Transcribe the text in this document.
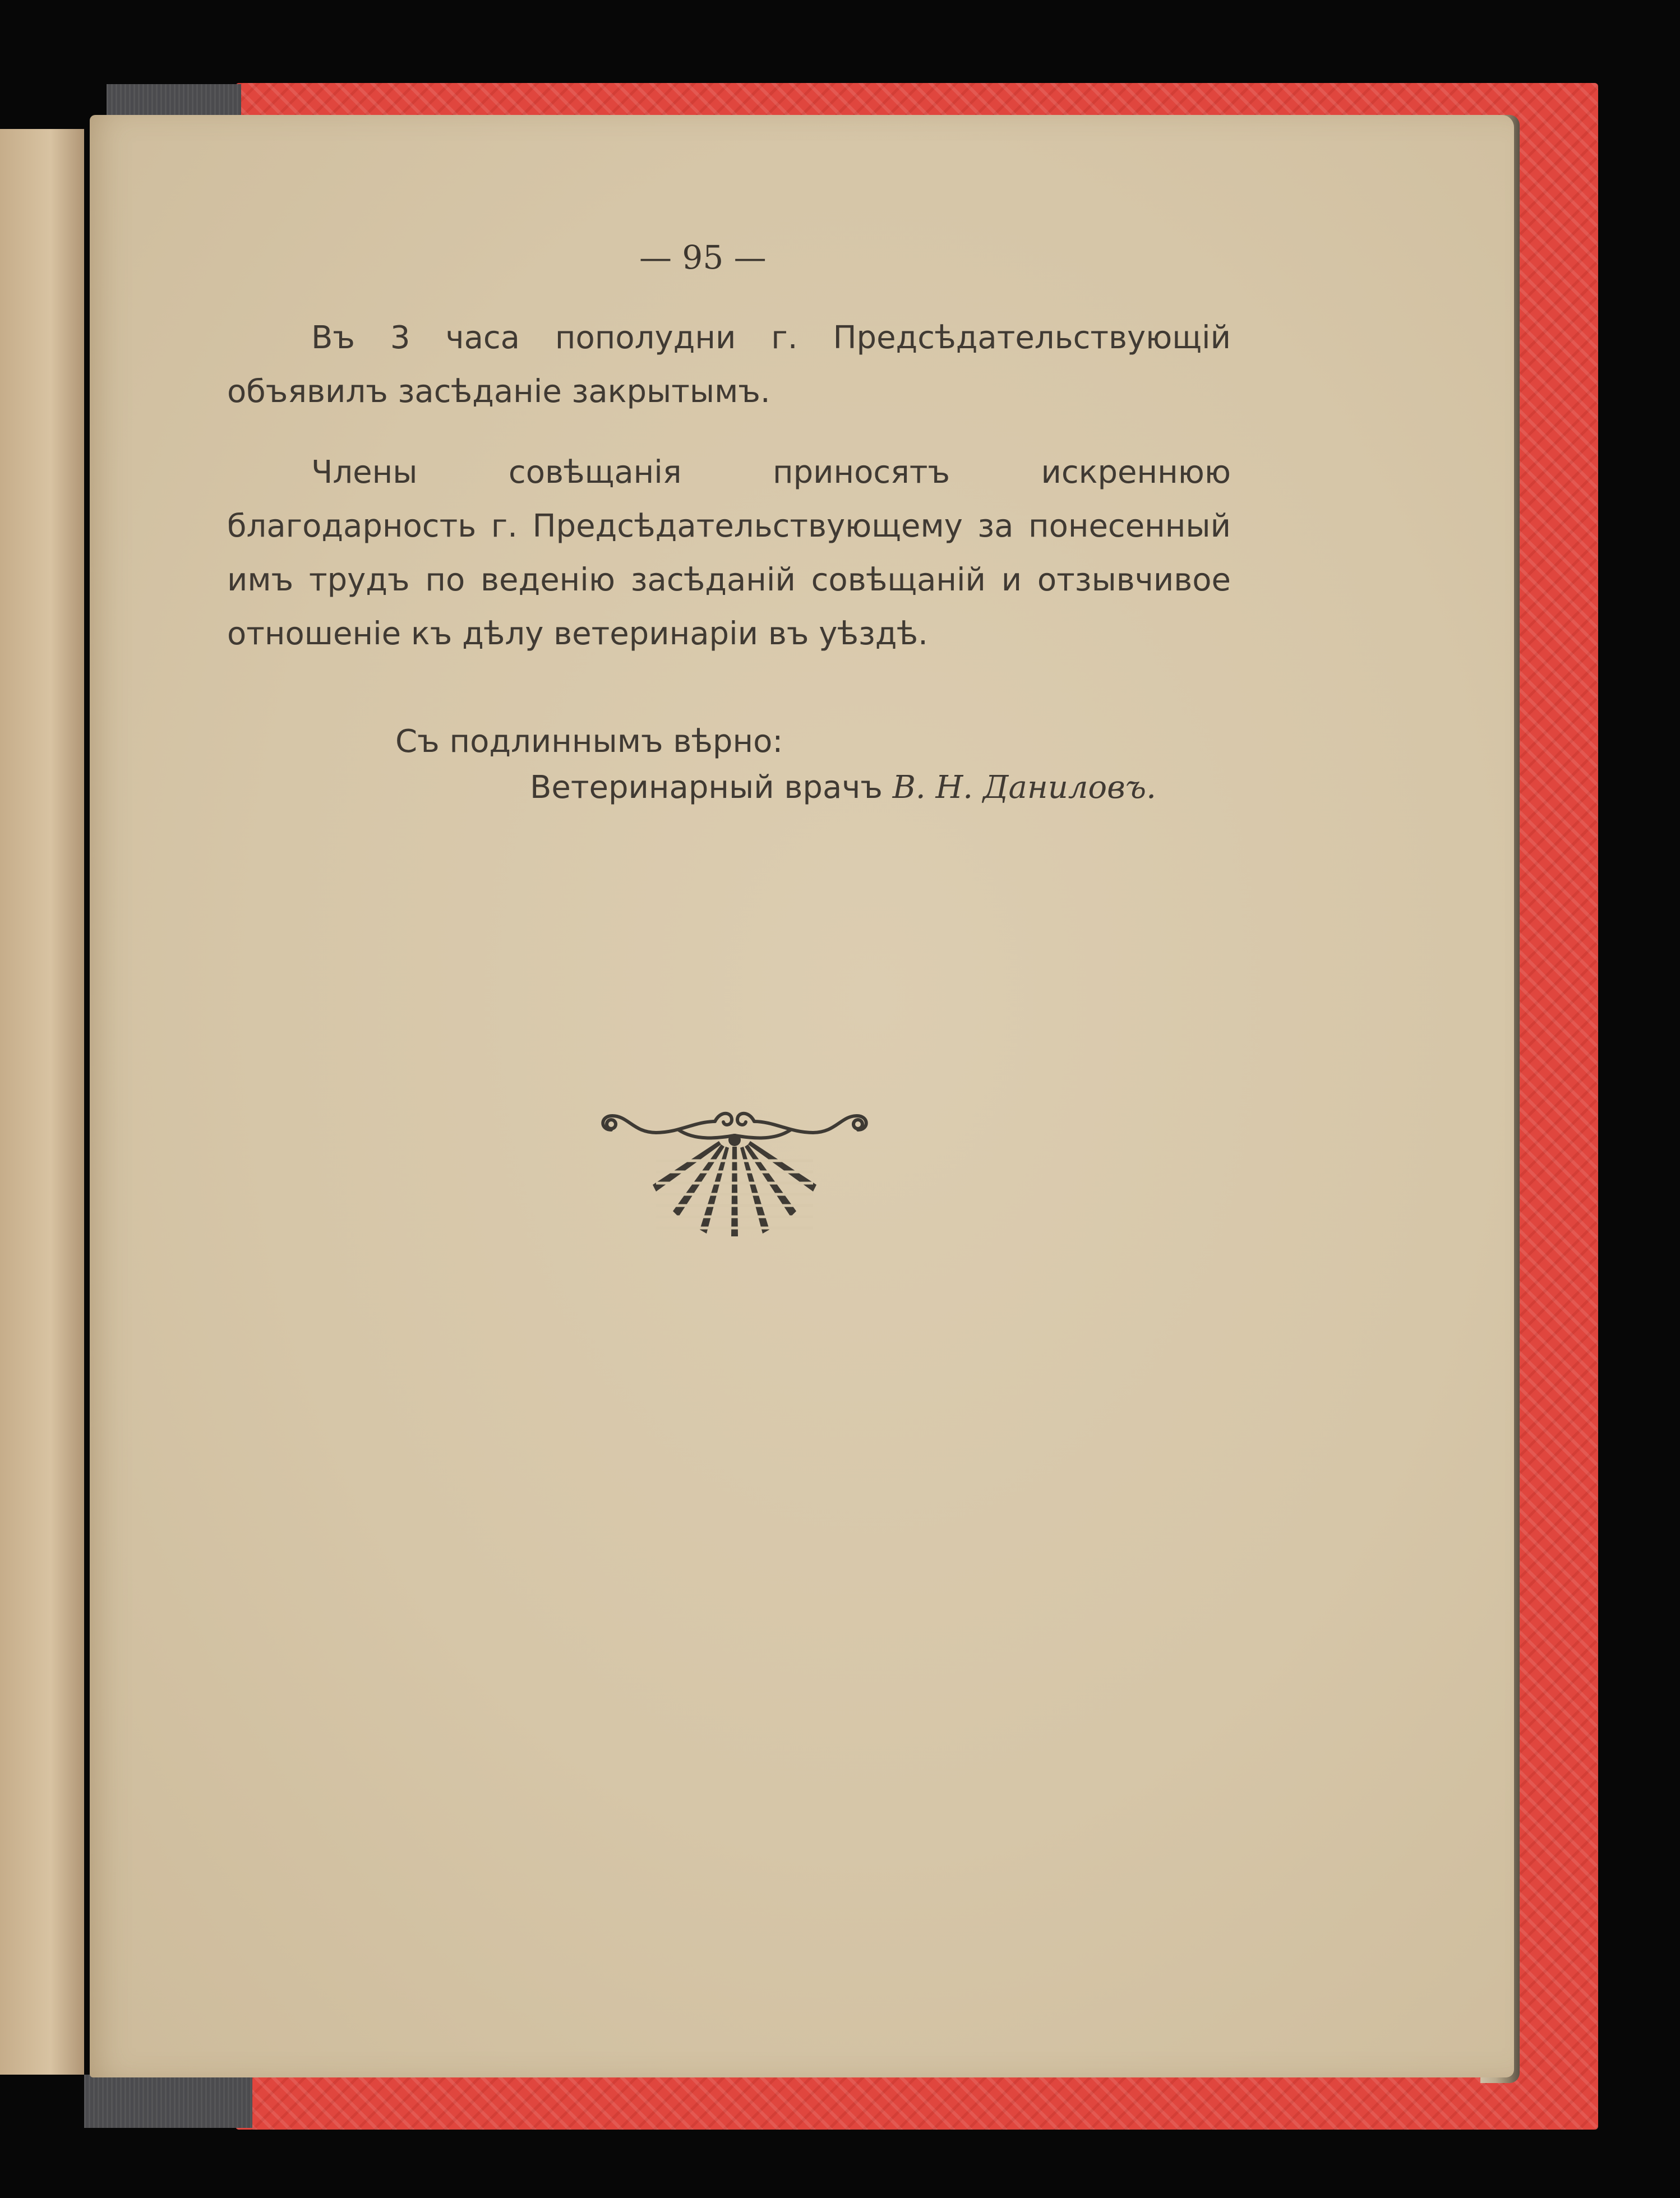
— 95 —
Въ 3 часа пополудни г. Предсѣдательствующій объявилъ засѣданіе закрытымъ.
Члены совѣщанія приносятъ искреннюю благодарность г. Предсѣдательствующему за понесенный имъ трудъ по веденію засѣданій совѣщаній и отзывчивое отношеніе къ дѣлу ветеринаріи въ уѣздѣ.
Съ подлиннымъ вѣрно:
Ветеринарный врачъ В. Н. Даниловъ.
